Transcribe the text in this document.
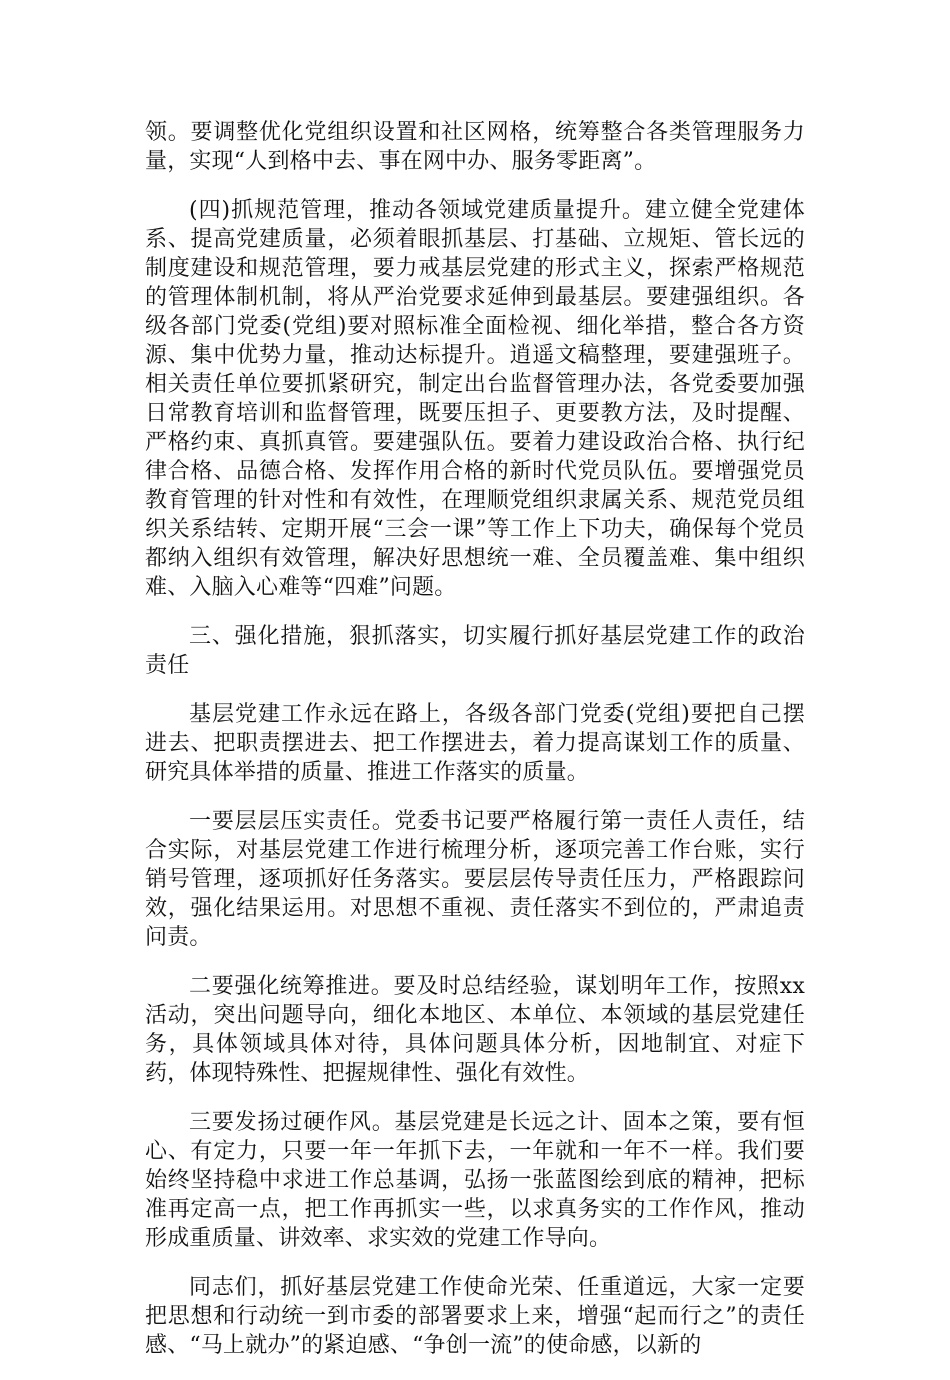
领。要调整优化党组织设置和社区网格，统筹整合各类管理服务力量，实现“人到格中去、事在网中办、服务零距离”。

(四)抓规范管理，推动各领域党建质量提升。建立健全党建体系、提高党建质量，必须着眼抓基层、打基础、立规矩、管长远的制度建设和规范管理，要力戒基层党建的形式主义，探索严格规范的管理体制机制，将从严治党要求延伸到最基层。要建强组织。各级各部门党委(党组)要对照标准全面检视、细化举措，整合各方资源、集中优势力量，推动达标提升。逍遥文稿整理，要建强班子。相关责任单位要抓紧研究，制定出台监督管理办法，各党委要加强日常教育培训和监督管理，既要压担子、更要教方法，及时提醒、严格约束、真抓真管。要建强队伍。要着力建设政治合格、执行纪律合格、品德合格、发挥作用合格的新时代党员队伍。要增强党员教育管理的针对性和有效性，在理顺党组织隶属关系、规范党员组织关系结转、定期开展“三会一课”等工作上下功夫，确保每个党员都纳入组织有效管理，解决好思想统一难、全员覆盖难、集中组织难、入脑入心难等“四难”问题。

三、强化措施，狠抓落实，切实履行抓好基层党建工作的政治责任

基层党建工作永远在路上，各级各部门党委(党组)要把自己摆进去、把职责摆进去、把工作摆进去，着力提高谋划工作的质量、研究具体举措的质量、推进工作落实的质量。

一要层层压实责任。党委书记要严格履行第一责任人责任，结合实际，对基层党建工作进行梳理分析，逐项完善工作台账，实行销号管理，逐项抓好任务落实。要层层传导责任压力，严格跟踪问效，强化结果运用。对思想不重视、责任落实不到位的，严肃追责问责。

二要强化统筹推进。要及时总结经验，谋划明年工作，按照xx活动，突出问题导向，细化本地区、本单位、本领域的基层党建任务，具体领域具体对待，具体问题具体分析，因地制宜、对症下药，体现特殊性、把握规律性、强化有效性。

三要发扬过硬作风。基层党建是长远之计、固本之策，要有恒心、有定力，只要一年一年抓下去，一年就和一年不一样。我们要始终坚持稳中求进工作总基调，弘扬一张蓝图绘到底的精神，把标准再定高一点，把工作再抓实一些，以求真务实的工作作风，推动形成重质量、讲效率、求实效的党建工作导向。

同志们，抓好基层党建工作使命光荣、任重道远，大家一定要把思想和行动统一到市委的部署要求上来，增强“起而行之”的责任感、“马上就办”的紧迫感、“争创一流”的使命感，以新的
